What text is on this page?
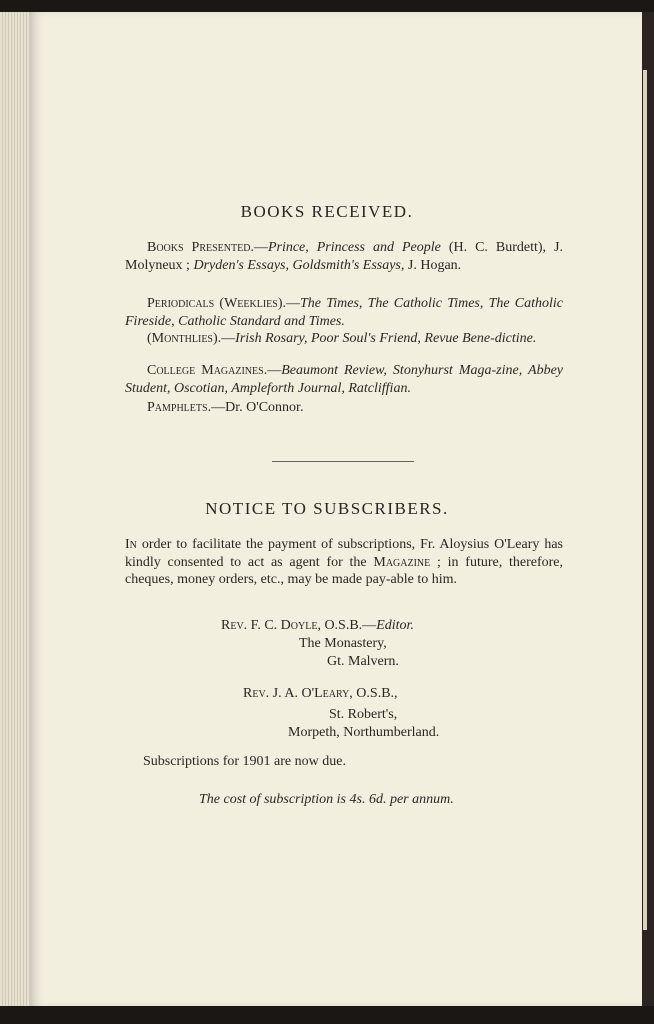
BOOKS RECEIVED.
Books Presented.—Prince, Princess and People (H. C. Burdett), J. Molyneux ; Dryden's Essays, Goldsmith's Essays, J. Hogan.
Periodicals (Weeklies).—The Times, The Catholic Times, The Catholic Fireside, Catholic Standard and Times.
(Monthlies).—Irish Rosary, Poor Soul's Friend, Revue Bene-dictine.
College Magazines.—Beaumont Review, Stonyhurst Maga-zine, Abbey Student, Oscotian, Ampleforth Journal, Ratcliffian.
Pamphlets.—Dr. O'Connor.
NOTICE TO SUBSCRIBERS.
In order to facilitate the payment of subscriptions, Fr. Aloysius O'Leary has kindly consented to act as agent for the Magazine ; in future, therefore, cheques, money orders, etc., may be made pay-able to him.
Rev. F. C. Doyle, O.S.B.—Editor.
The Monastery,
Gt. Malvern.
Rev. J. A. O'Leary, O.S.B.,
St. Robert's,
Morpeth, Northumberland.
Subscriptions for 1901 are now due.
The cost of subscription is 4s. 6d. per annum.
